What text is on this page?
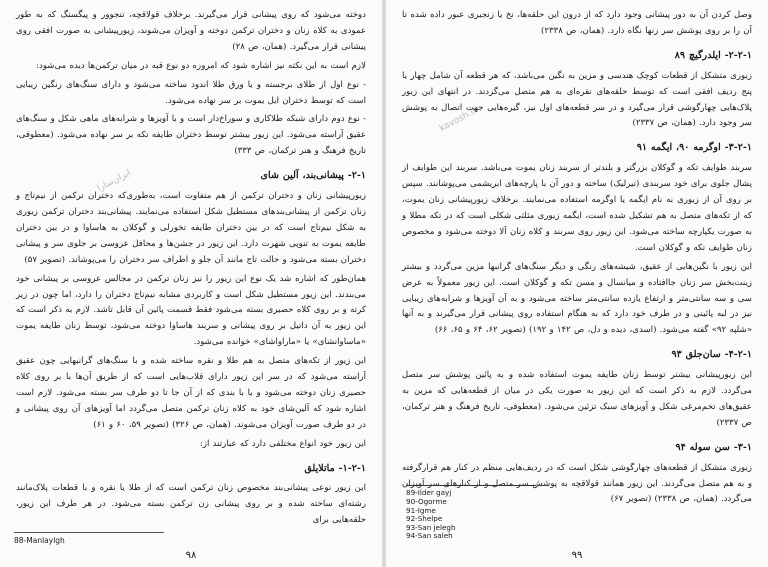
دوخته می‌شود که روی پیشانی قرار می‌گیرند. برخلاف قولاقچه، تنجوور و پیگسنگ که به طور عمودی به کلاه زنان و دختران ترکمن دوخته و آویزان می‌شوند، زیورپیشانی به صورت افقی روی پیشانی قرار می‌گیرد. (همان، ص ۲۸)

لازم است به این نکته نیز اشاره شود که امروزه دو نوع قبه در میان ترکمن‌ها دیده می‌شود:

- نوع اول از طلای برجسته و یا ورق طلا اندود ساخته می‌شود و دارای سنگ‌های رنگین زیبایی است که توسط دختران ایل یموت بر سر نهاده می‌شود.

- نوع دوم دارای شبکه طلاکاری و سوراخ‌دار است و با آویزها و شرابه‌های ماهی شکل و سنگ‌های عقیق آراسته می‌شود. این زیور بیشتر توسط دختران طایفه تکه بر سر نهاده می‌شود. (معطوفی، تاریخ فرهنگ و هنر ترکمان، ص ۳۳۳)

۲-۱- پیشانی‌بند، آلین شای

زیورپیشانی زنان و دختران ترکمن از هم متفاوت است، به‌طوری‌که دختران ترکمن از نیم‌تاج و زنان ترکمن از پیشانی‌بندهای مستطیل شکل استفاده می‌نمایند. پیشانی‌بند دختران ترکمن زیوری به شکل نیم‌تاج است که در بین دختران طایفه تخورلی و گوکلان به هاساوا و در بین دختران طایفه یموت به تنوپی شهرت دارد. این زیور در جشن‌ها و محافل عروسی بر جلوی سر و پیشانی دختران بسته می‌شود و حالت تاج مانند آن جلو و اطراف سر دختران را می‌پوشاند. (تصویر ۵۷)

همان‌طور که اشاره شد یک نوع این زیور را نیز زنان ترکمن در مجالس عروسی بر پیشانی خود می‌بندند. این زیور مستطیل شکل است و کاربردی مشابه نیم‌تاج دختران را دارد، اما چون در زیر کرته و بر روی کلاه حصیری بسته می‌شود فقط قسمت پائین آن قابل تاشد. لازم به ذکر است که این زیور به آن داتیل بر روی پیشانی و سربند هاساوا دوخته می‌شود، توسط زنان طایفه یموت «ماساوانشای» یا «ماراواشای» خوانده می‌شود.

این زیور از تکه‌های متصل به هم طلا و نقره ساخته شده و با سنگ‌های گرانبهایی چون عقیق آراسته می‌شود که در سر این زیور دارای قلاب‌هایی است که از طریق آن‌ها با بر روی کلاه حصیری زنان دوخته می‌شود و یا با بندی که از آن جا تا دو طرف سر بسته می‌شود. لازم است اشاره شود که آلین‌شای خود به کلاه زنان ترکمن متصل می‌گردد اما آویزهای آن روی پیشانی و در دو طرف صورت آویزان می‌شوند. (همان، ص ۳۲۶) (تصویر ۵۹، ۶۰ و ۶۱)

این زیور خود انواع مختلفی دارد که عبارتند از:

۱-۲-۱- ماتلایلق

این زیور نوعی پیشانی‌بند مخصوص زنان ترکمن است که از طلا یا نقره و با قطعات پلاک‌مانند رشته‌ای ساخته شده و بر روی پیشانی زن ترکمن بسته می‌شود. در هر طرف این زیور، حلقه‌هایی برای

88-Manlaylgh
۹۸

وصل کردن آن به دور پیشانی وجود دارد که از درون این حلقه‌ها، نخ یا زنجیری عبور داده شده تا آن را بر روی پوشش سر زنها نگاه دارد. (همان، ص ۲۳۳۸)

۲-۲-۱- ایلدرگیچ ۸۹

زیوری متشکل از قطعات کوچک هندسی و مزین به نگین می‌باشد، که هر قطعه آن شامل چهار یا پنج ردیف افقی است که توسط حلقه‌های نقره‌ای به هم متصل می‌گردند. در انتهای این زیور پلاک‌هایی چهارگوشی قرار می‌گیرد و در سر قطعه‌های اول نیز، گیره‌هایی جهت اتصال به پوشش سر وجود دارد. (همان، ص ۲۳۳۷)

۳-۲-۱- اوگرمه ۹۰، ایگمه ۹۱

سربند طوایف تکه و گوکلان بزرگتر و بلندتر از سربند زنان یموت می‌باشد. سربند این طوایف از پشال جلوی برای خود سربندی (تیرلیک) ساخته و دور آن با پارچه‌های ابریشمی می‌پوشانند. سپس بر روی آن از زیوری به نام ایگمه یا اوگرمه استفاده می‌نمایند. برخلاف زیورپیشانی زنان یموت، که از تکه‌های متصل به هم تشکیل شده است، ایگمه زیوری مثلثی شکلی است که در تکه مطلا و به صورت یکپارچه ساخته می‌شود. این زیور روی سربند و کلاه زنان آلا دوخته می‌شود و مخصوص زنان طوایف تکه و گوکلان است.

این زیور با نگین‌هایی از عقیق، شیشه‌های رنگی و دیگر سنگ‌های گرانبها مزین می‌گردد و بیشتر زینت‌بخش سر زنان جاافتاده و میانسال و مسن تکه و گوکلان است. این زیور معمولاً به عرض سی و سه سانتی‌متر و ارتفاع یازده سانتی‌متر ساخته می‌شود و به آن آویزها و شرابه‌های زیبایی نیز در لبه پائینی و در طرف خود دارد که به هنگام استفاده روی پیشانی قرار می‌گیرند و به آنها «شلپه ۹۲» گفته می‌شود. (اسدی، دیده و دل، ص ۱۴۲ و ۱۹۲) (تصویر ۶۲، ۶۴ و ۶۵، ۶۶)

۴-۲-۱- سان‌جلق ۹۳

این زیورپیشانی بیشتر توسط زنان طایفه یموت استفاده شده و به پائین پوشش سر متصل می‌گردد. لازم به ذکر است که این زیور به صورت یکی در میان از قطعه‌هایی که مزین به عقیق‌های تخم‌مرغی شکل و آویزهای سبک تزئین می‌شود. (معطوفی، تاریخ فرهنگ و هنر ترکمان، ص ۲۳۳۷)

۳-۱- سن سوله ۹۴

زیوری متشکل از قطعه‌های چهارگوشی شکل است که در ردیف‌هایی منظم در کنار هم قرارگرفته و به هم متصل می‌گردند. این زیور همانند قولاقچه به پوشش سر متصل و از کنارهای سر آویزان می‌گردد. (همان، ص ۲۳۳۸) (تصویر ۶۷)

89-Ilder gayj
90-Ogorme
91-Igme
92-Shelpe
93-San jelegh
94-San saleh
۹۹
ایران‌سارا
kavosh.ir
